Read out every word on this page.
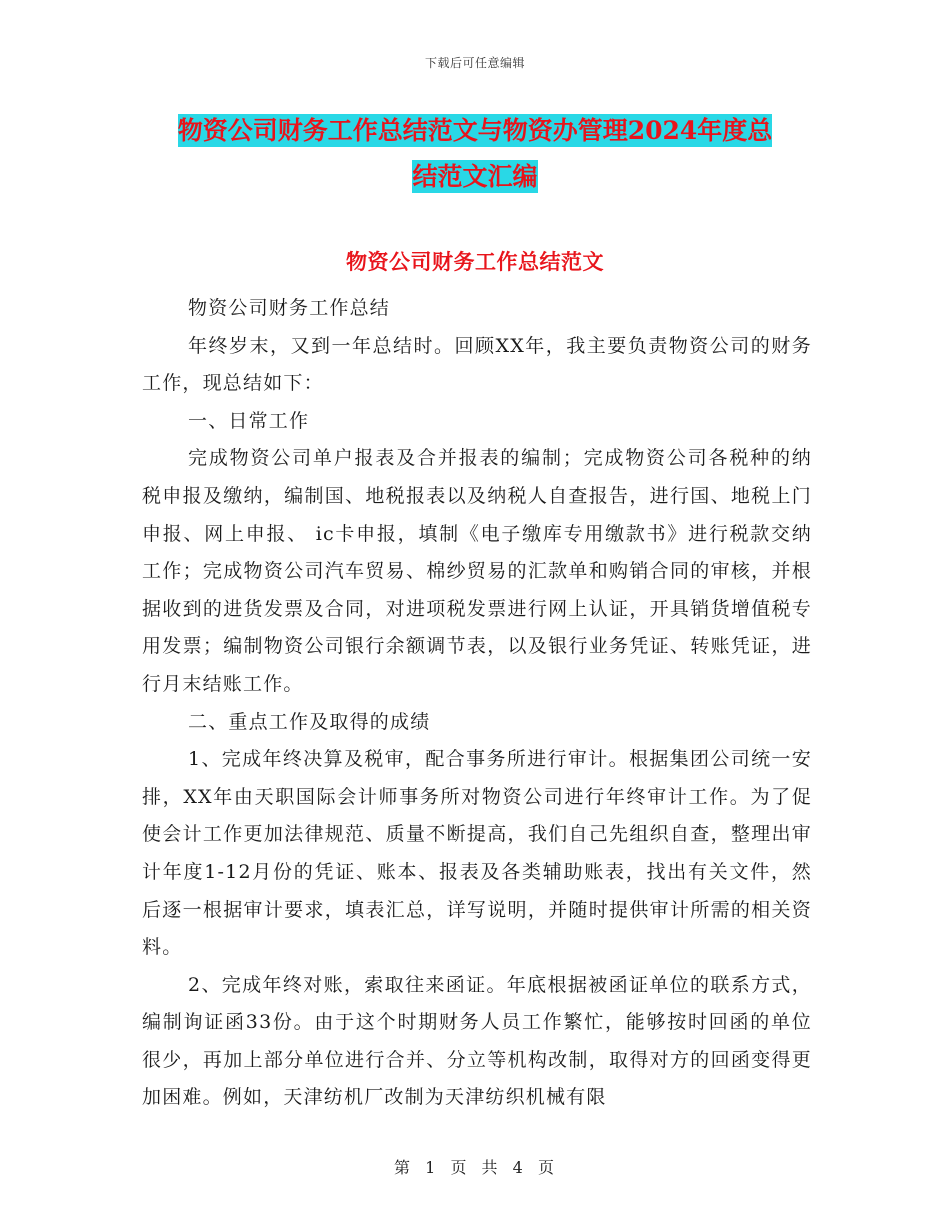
下载后可任意编辑
物资公司财务工作总结范文与物资办管理2024年度总
结范文汇编
物资公司财务工作总结范文

物资公司财务工作总结

年终岁末，又到一年总结时。回顾XX年，我主要负责物资公司的财务工作，现总结如下：

一、日常工作

完成物资公司单户报表及合并报表的编制；完成物资公司各税种的纳税申报及缴纳，编制国、地税报表以及纳税人自查报告，进行国、地税上门申报、网上申报、 ic卡申报，填制《电子缴库专用缴款书》进行税款交纳工作；完成物资公司汽车贸易、棉纱贸易的汇款单和购销合同的审核，并根据收到的进货发票及合同，对进项税发票进行网上认证，开具销货增值税专用发票；编制物资公司银行余额调节表，以及银行业务凭证、转账凭证，进行月末结账工作。

二、重点工作及取得的成绩

1、完成年终决算及税审，配合事务所进行审计。根据集团公司统一安排，XX年由天职国际会计师事务所对物资公司进行年终审计工作。为了促使会计工作更加法律规范、质量不断提高，我们自己先组织自查，整理出审计年度1-12月份的凭证、账本、报表及各类辅助账表，找出有关文件，然后逐一根据审计要求，填表汇总，详写说明，并随时提供审计所需的相关资料。

2、完成年终对账，索取往来函证。年底根据被函证单位的联系方式，编制询证函33份。由于这个时期财务人员工作繁忙，能够按时回函的单位很少，再加上部分单位进行合并、分立等机构改制，取得对方的回函变得更加困难。例如，天津纺机厂改制为天津纺织机械有限

第 1 页 共 4 页
